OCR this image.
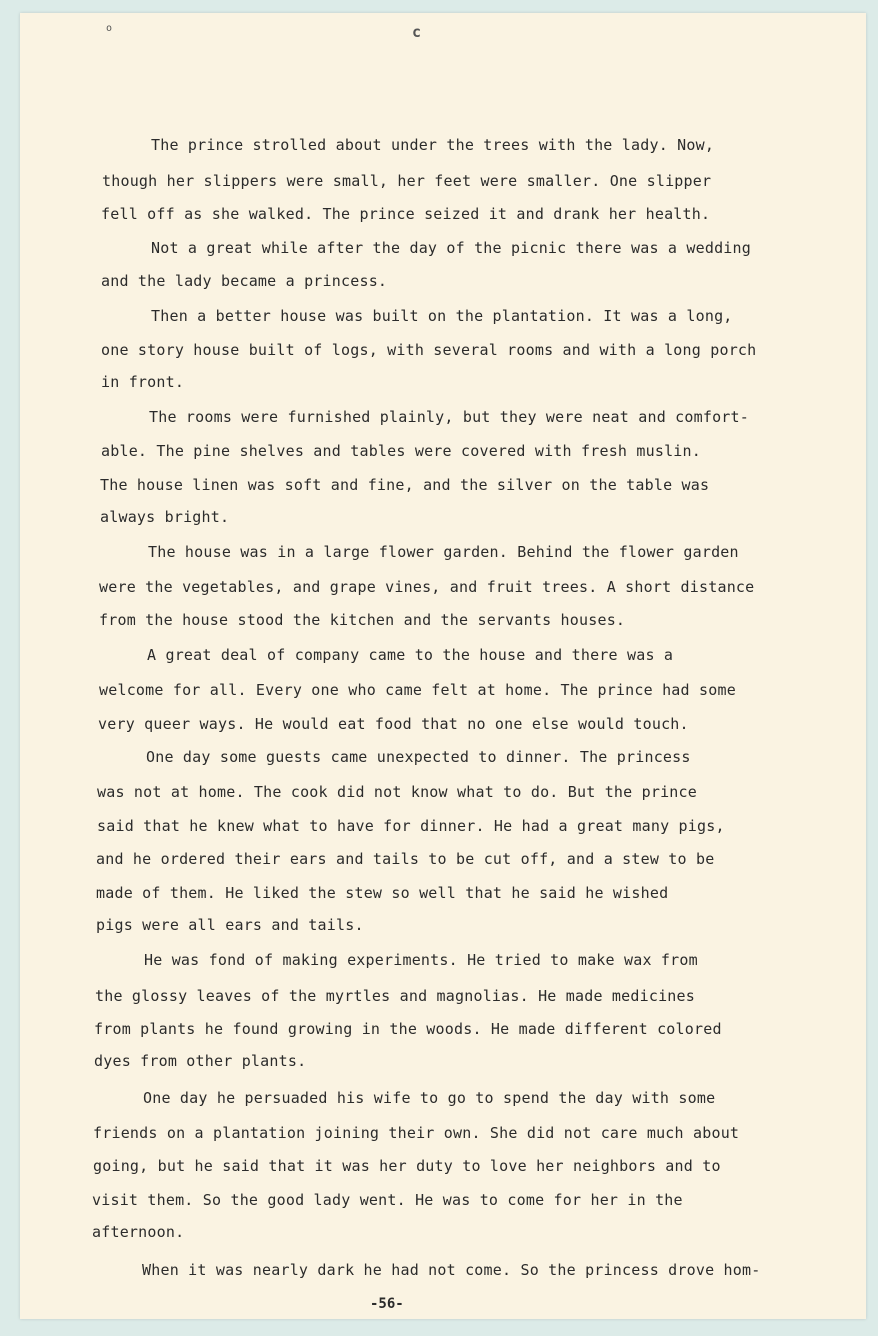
c
o
The prince strolled about under the trees with the lady. Now,
though her slippers were small, her feet were smaller. One slipper
fell off as she walked. The prince seized it and drank her health.
Not a great while after the day of the picnic there was a wedding
and the lady became a princess.
Then a better house was built on the plantation. It was a long,
one story house built of logs, with several rooms and with a long porch
in front.
The rooms were furnished plainly, but they were neat and comfort-
able. The pine shelves and tables were covered with fresh muslin.
The house linen was soft and fine, and the silver on the table was
always bright.
The house was in a large flower garden. Behind the flower garden
were the vegetables, and grape vines, and fruit trees. A short distance
from the house stood the kitchen and the servants houses.
A great deal of company came to the house and there was a
welcome for all. Every one who came felt at home. The prince had some
very queer ways. He would eat food that no one else would touch.
One day some guests came unexpected to dinner. The princess
was not at home. The cook did not know what to do. But the prince
said that he knew what to have for dinner. He had a great many pigs,
and he ordered their ears and tails to be cut off, and a stew to be
made of them. He liked the stew so well that he said he wished
pigs were all ears and tails.
He was fond of making experiments. He tried to make wax from
the glossy leaves of the myrtles and magnolias. He made medicines
from plants he found growing in the woods. He made different colored
dyes from other plants.
One day he persuaded his wife to go to spend the day with some
friends on a plantation joining their own. She did not care much about
going, but he said that it was her duty to love her neighbors and to
visit them. So the good lady went. He was to come for her in the
afternoon.
When it was nearly dark he had not come. So the princess drove hom-
-56-
